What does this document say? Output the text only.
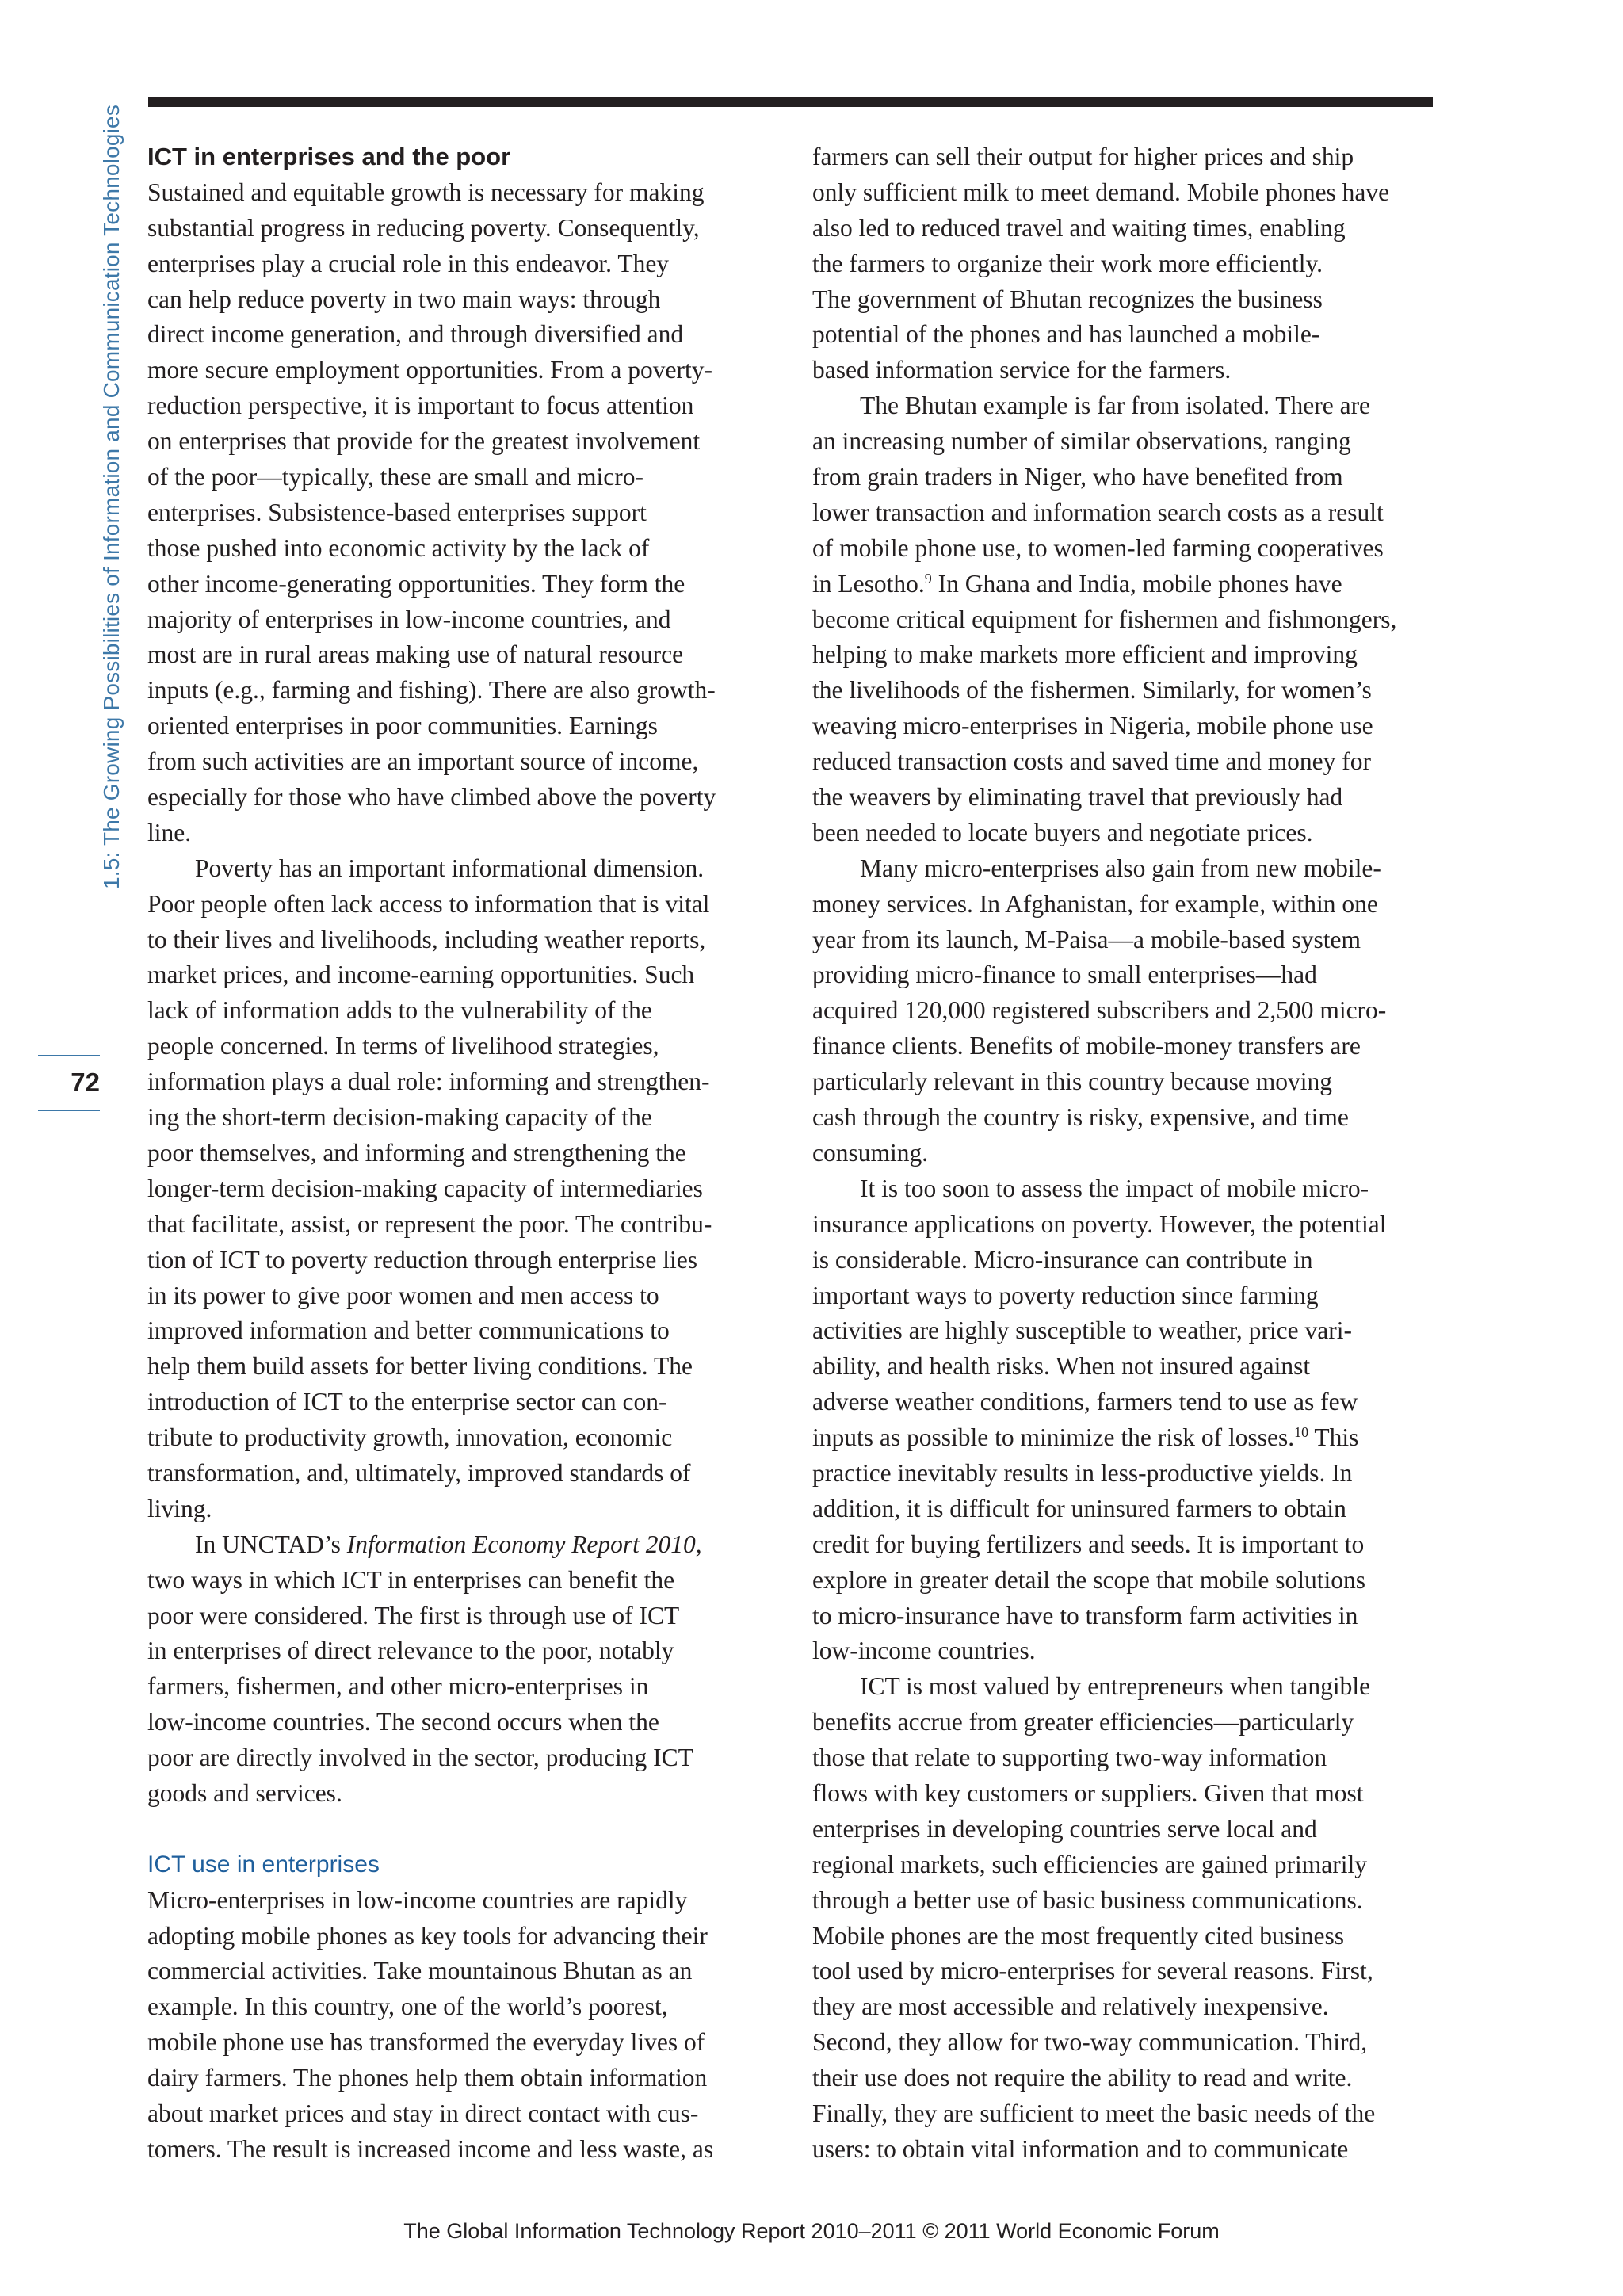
1.5: The Growing Possibilities of Information and Communication Technologies
72
ICT in enterprises and the poor
Sustained and equitable growth is necessary for making
substantial progress in reducing poverty. Consequently,
enterprises play a crucial role in this endeavor. They
can help reduce poverty in two main ways: through
direct income generation, and through diversified and
more secure employment opportunities. From a poverty-
reduction perspective, it is important to focus attention
on enterprises that provide for the greatest involvement
of the poor—typically, these are small and micro-
enterprises. Subsistence-based enterprises support
those pushed into economic activity by the lack of
other income-generating opportunities. They form the
majority of enterprises in low-income countries, and
most are in rural areas making use of natural resource
inputs (e.g., farming and fishing). There are also growth-
oriented enterprises in poor communities. Earnings
from such activities are an important source of income,
especially for those who have climbed above the poverty
line.
Poverty has an important informational dimension.
Poor people often lack access to information that is vital
to their lives and livelihoods, including weather reports,
market prices, and income-earning opportunities. Such
lack of information adds to the vulnerability of the
people concerned. In terms of livelihood strategies,
information plays a dual role: informing and strengthen-
ing the short-term decision-making capacity of the
poor themselves, and informing and strengthening the
longer-term decision-making capacity of intermediaries
that facilitate, assist, or represent the poor. The contribu-
tion of ICT to poverty reduction through enterprise lies
in its power to give poor women and men access to
improved information and better communications to
help them build assets for better living conditions. The
introduction of ICT to the enterprise sector can con-
tribute to productivity growth, innovation, economic
transformation, and, ultimately, improved standards of
living.
In UNCTAD’s Information Economy Report 2010,
two ways in which ICT in enterprises can benefit the
poor were considered. The first is through use of ICT
in enterprises of direct relevance to the poor, notably
farmers, fishermen, and other micro-enterprises in
low-income countries. The second occurs when the
poor are directly involved in the sector, producing ICT
goods and services.
ICT use in enterprises
Micro-enterprises in low-income countries are rapidly
adopting mobile phones as key tools for advancing their
commercial activities. Take mountainous Bhutan as an
example. In this country, one of the world’s poorest,
mobile phone use has transformed the everyday lives of
dairy farmers. The phones help them obtain information
about market prices and stay in direct contact with cus-
tomers. The result is increased income and less waste, as
farmers can sell their output for higher prices and ship
only sufficient milk to meet demand. Mobile phones have
also led to reduced travel and waiting times, enabling
the farmers to organize their work more efficiently.
The government of Bhutan recognizes the business
potential of the phones and has launched a mobile-
based information service for the farmers.
The Bhutan example is far from isolated. There are
an increasing number of similar observations, ranging
from grain traders in Niger, who have benefited from
lower transaction and information search costs as a result
of mobile phone use, to women-led farming cooperatives
in Lesotho.$^9$ In Ghana and India, mobile phones have
become critical equipment for fishermen and fishmongers,
helping to make markets more efficient and improving
the livelihoods of the fishermen. Similarly, for women’s
weaving micro-enterprises in Nigeria, mobile phone use
reduced transaction costs and saved time and money for
the weavers by eliminating travel that previously had
been needed to locate buyers and negotiate prices.
Many micro-enterprises also gain from new mobile-
money services. In Afghanistan, for example, within one
year from its launch, M-Paisa—a mobile-based system
providing micro-finance to small enterprises—had
acquired 120,000 registered subscribers and 2,500 micro-
finance clients. Benefits of mobile-money transfers are
particularly relevant in this country because moving
cash through the country is risky, expensive, and time
consuming.
It is too soon to assess the impact of mobile micro-
insurance applications on poverty. However, the potential
is considerable. Micro-insurance can contribute in
important ways to poverty reduction since farming
activities are highly susceptible to weather, price vari-
ability, and health risks. When not insured against
adverse weather conditions, farmers tend to use as few
inputs as possible to minimize the risk of losses.$^{10}$ This
practice inevitably results in less-productive yields. In
addition, it is difficult for uninsured farmers to obtain
credit for buying fertilizers and seeds. It is important to
explore in greater detail the scope that mobile solutions
to micro-insurance have to transform farm activities in
low-income countries.
ICT is most valued by entrepreneurs when tangible
benefits accrue from greater efficiencies—particularly
those that relate to supporting two-way information
flows with key customers or suppliers. Given that most
enterprises in developing countries serve local and
regional markets, such efficiencies are gained primarily
through a better use of basic business communications.
Mobile phones are the most frequently cited business
tool used by micro-enterprises for several reasons. First,
they are most accessible and relatively inexpensive.
Second, they allow for two-way communication. Third,
their use does not require the ability to read and write.
Finally, they are sufficient to meet the basic needs of the
users: to obtain vital information and to communicate
The Global Information Technology Report 2010–2011 © 2011 World Economic Forum
